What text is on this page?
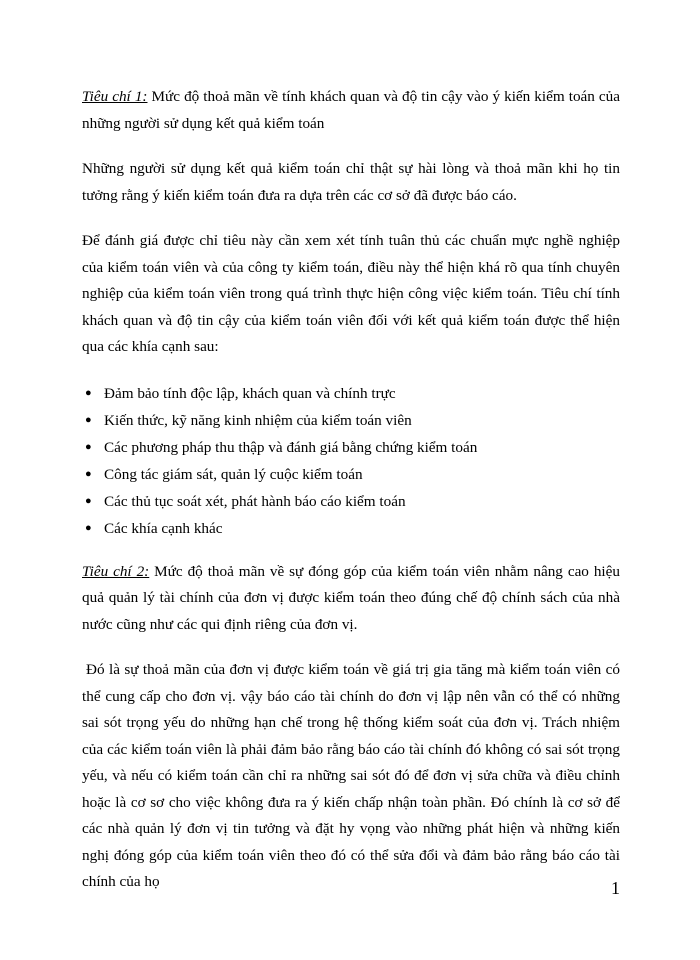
Tiêu chí 1: Mức độ thoả mãn về tính khách quan và độ tin cậy vào ý kiến kiểm toán của những người sử dụng kết quả kiểm toán

Những người sử dụng kết quả kiểm toán chỉ thật sự hài lòng và thoả mãn khi họ tin tưởng rằng ý kiến kiểm toán đưa ra dựa trên các cơ sở đã được báo cáo.

Để đánh giá được chỉ tiêu này cần xem xét tính tuân thủ các chuẩn mực nghề nghiệp của kiểm toán viên và của công ty kiểm toán, điều này thể hiện khá rõ qua tính chuyên nghiệp của kiểm toán viên trong quá trình thực hiện công việc kiểm toán. Tiêu chí tính khách quan và độ tin cậy của kiểm toán viên đối với kết quả kiểm toán được thể hiện qua các khía cạnh sau:

● Đảm bảo tính độc lập, khách quan và chính trực
● Kiến thức, kỹ năng kinh nhiệm của kiểm toán viên
● Các phương pháp thu thập và đánh giá bằng chứng kiểm toán
● Công tác giám sát, quản lý cuộc kiểm toán
● Các thủ tục soát xét, phát hành báo cáo kiểm toán
● Các khía cạnh khác

Tiêu chí 2: Mức độ thoả mãn về sự đóng góp của kiểm toán viên nhằm nâng cao hiệu quả quản lý tài chính của đơn vị được kiểm toán theo đúng chế độ chính sách của nhà nước cũng như các qui định riêng của đơn vị.

Đó là sự thoả mãn của đơn vị được kiểm toán về giá trị gia tăng mà kiểm toán viên có thể cung cấp cho đơn vị. vậy báo cáo tài chính do đơn vị lập nên vẫn có thể có những sai sót trọng yếu do những hạn chế trong hệ thống kiểm soát của đơn vị. Trách nhiệm của các kiểm toán viên là phải đảm bảo rằng báo cáo tài chính đó không có sai sót trọng yếu, và nếu có kiểm toán cần chỉ ra những sai sót đó để đơn vị sửa chữa và điều chỉnh hoặc là cơ sơ cho việc không đưa ra ý kiến chấp nhận toàn phần. Đó chính là cơ sở để các nhà quản lý đơn vị tin tưởng và đặt hy vọng vào những phát hiện và những kiến nghị đóng góp của kiểm toán viên theo đó có thể sửa đổi và đảm bảo rằng báo cáo tài chính của họ	1
